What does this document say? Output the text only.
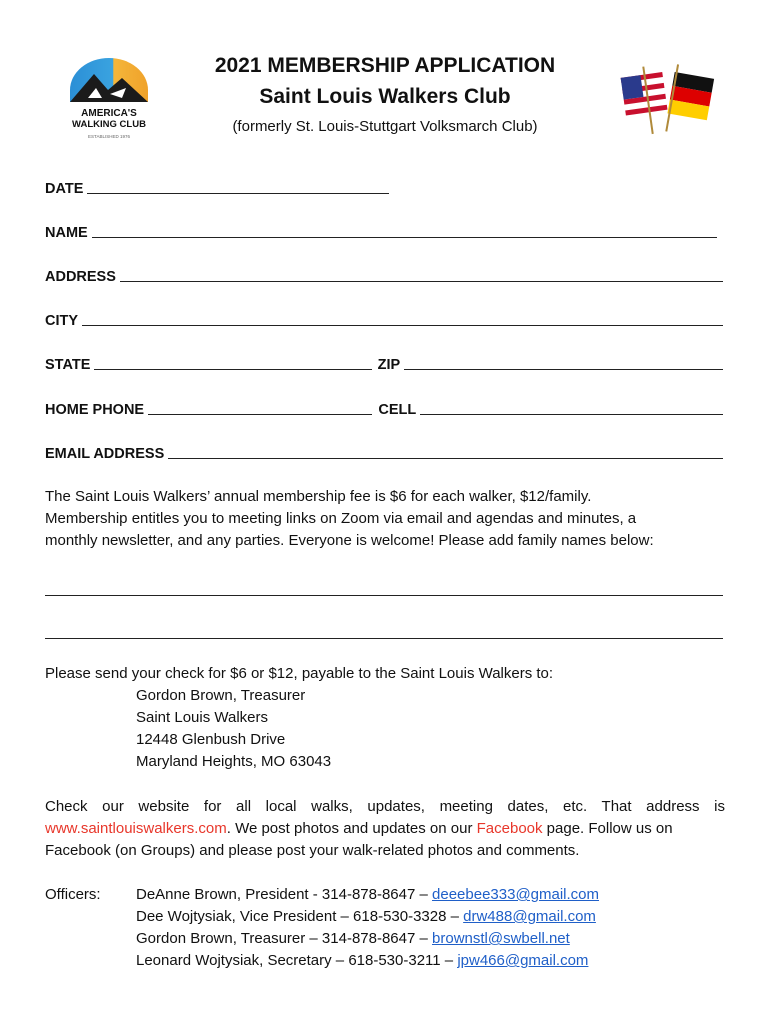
AMERICA'S
WALKING CLUB
ESTABLISHED 1976
2021 MEMBERSHIP APPLICATION
Saint Louis Walkers Club
(formerly St. Louis-Stuttgart Volksmarch Club)
DATE
NAME
ADDRESS
CITY
STATE	ZIP
HOME PHONE	CELL
EMAIL ADDRESS
The Saint Louis Walkers’ annual membership fee is $6 for each walker, $12/family.
Membership entitles you to meeting links on Zoom via email and agendas and minutes, a
monthly newsletter, and any parties. Everyone is welcome! Please add family names below:
Please send your check for $6 or $12, payable to the Saint Louis Walkers to:
Gordon Brown, Treasurer
Saint Louis Walkers
12448 Glenbush Drive
Maryland Heights, MO 63043
Check our website for all local walks, updates, meeting dates, etc. That address is
www.saintlouiswalkers.com. We post photos and updates on our Facebook page. Follow us on
Facebook (on Groups) and please post your walk-related photos and comments.
Officers: DeAnne Brown, President - 314-878-8647 – deeebee333@gmail.com
Dee Wojtysiak, Vice President – 618-530-3328 – drw488@gmail.com
Gordon Brown, Treasurer – 314-878-8647 – brownstl@swbell.net
Leonard Wojtysiak, Secretary – 618-530-3211 – jpw466@gmail.com
